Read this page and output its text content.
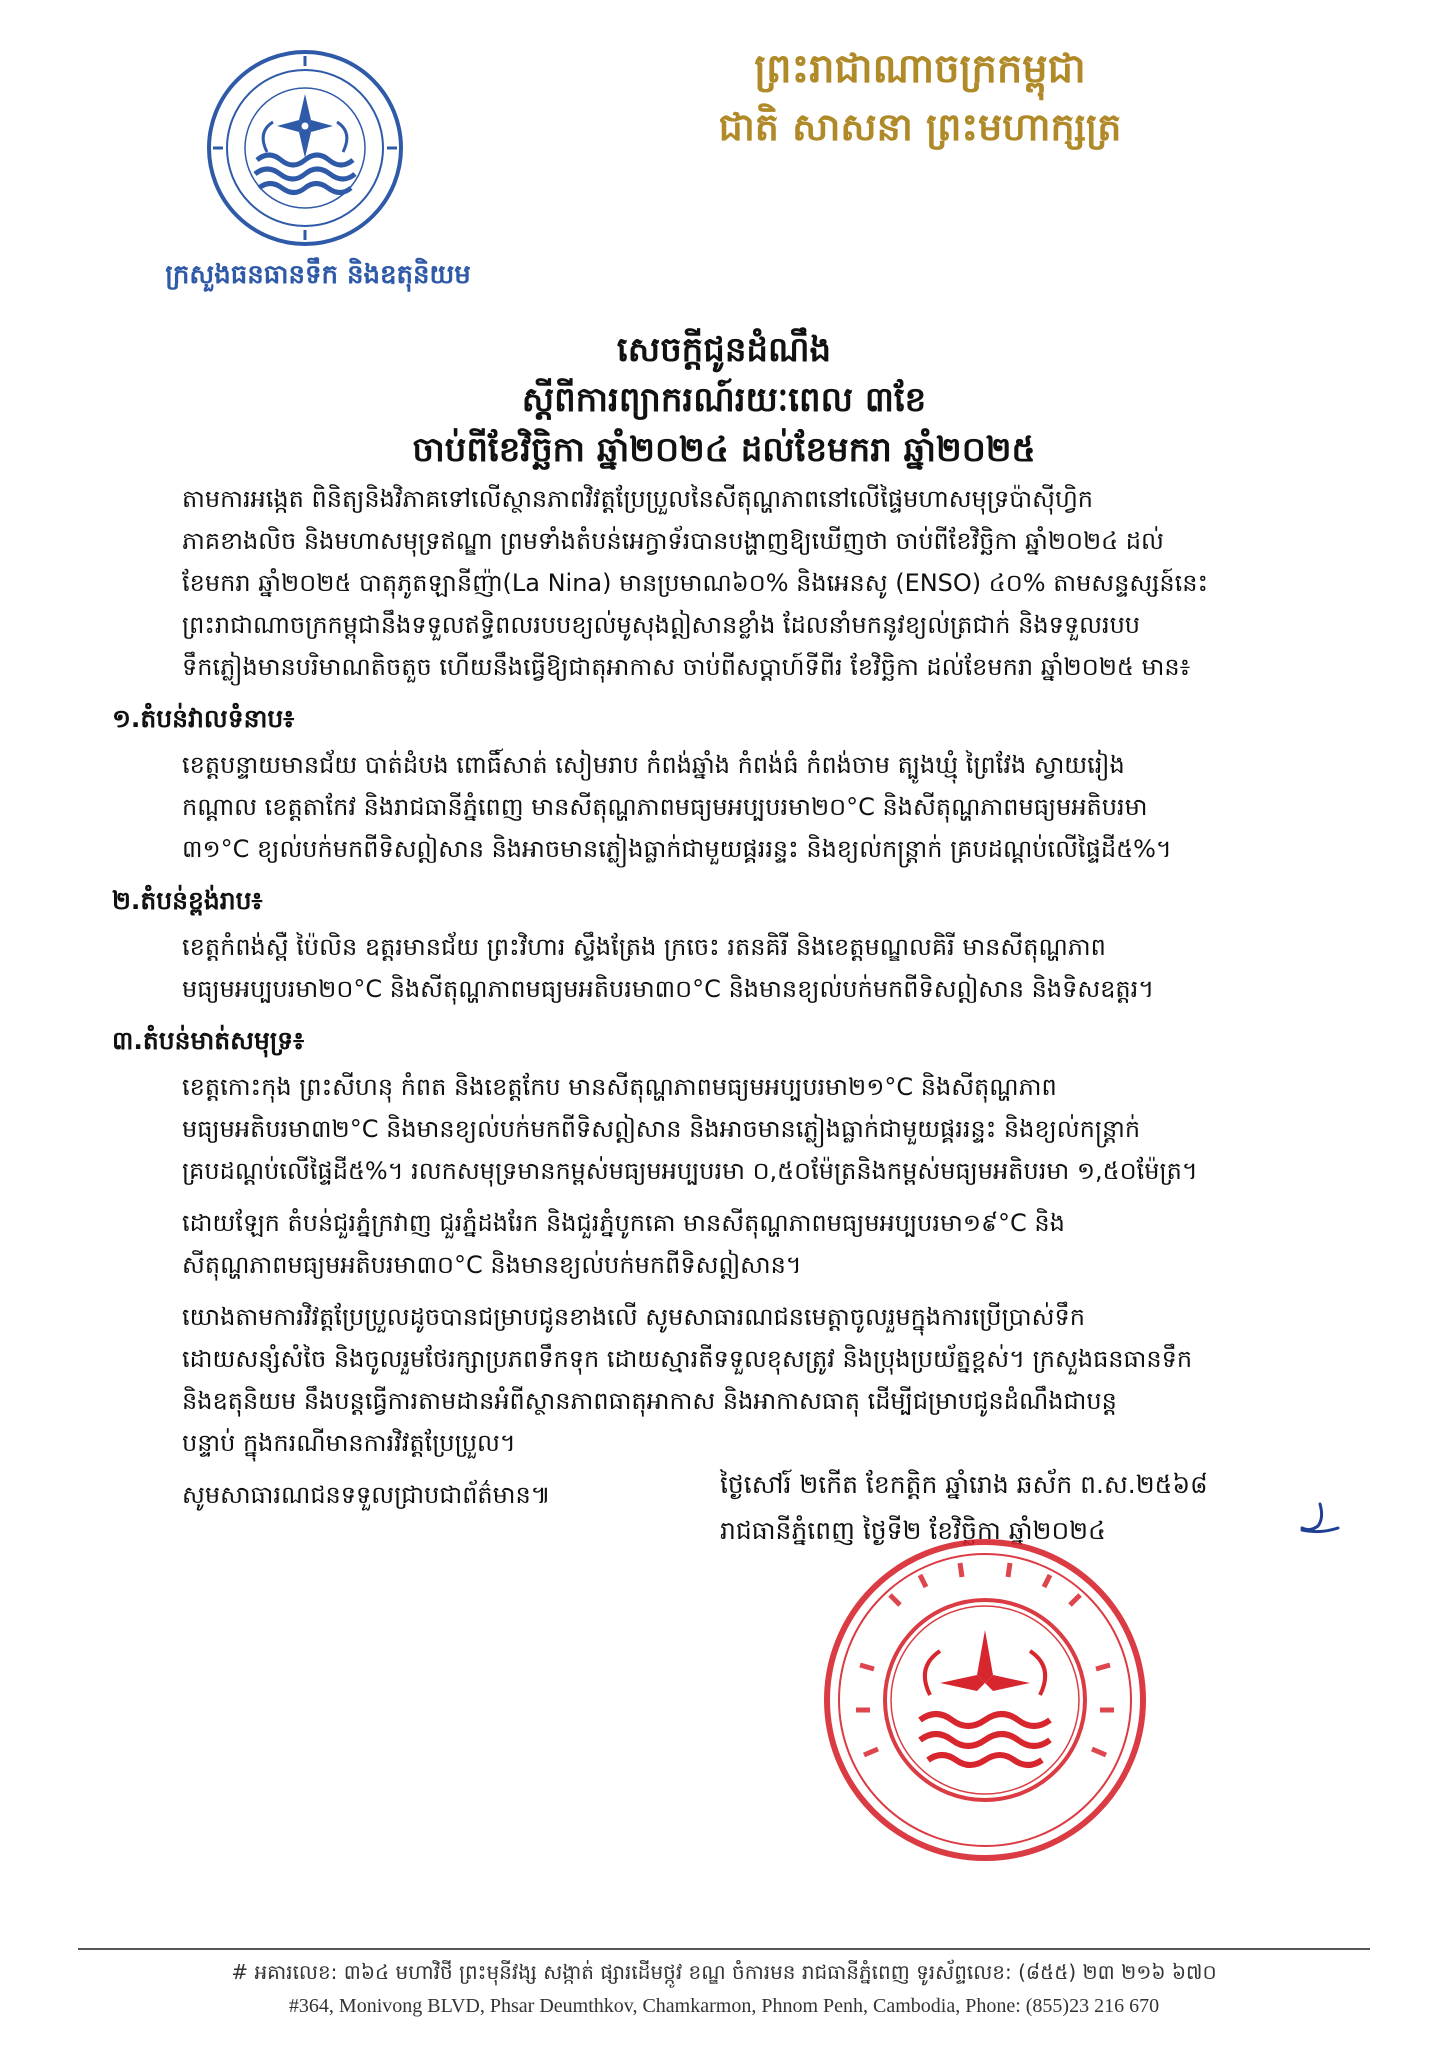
ក្រសួងធនធានទឹក និងឧតុនិយម
ព្រះរាជាណាចក្រកម្ពុជា
ជាតិ សាសនា ព្រះមហាក្សត្រ
សេចក្តីជូនដំណឹង
ស្តីពីការព្យាករណ៍រយៈពេល ៣ខែ
ចាប់ពីខែវិច្ឆិកា ឆ្នាំ២០២៤ ដល់ខែមករា ឆ្នាំ២០២៥
តាមការអង្កេត ពិនិត្យនិងវិភាគទៅលើស្ថានភាពវិវត្តប្រែប្រួលនៃសីតុណ្ហភាពនៅលើផ្ទៃមហាសមុទ្រប៉ាស៊ីហ្វិក
ភាគខាងលិច និងមហាសមុទ្រឥណ្ឌា ព្រមទាំងតំបន់អេក្វាទ័របានបង្ហាញឱ្យឃើញថា ចាប់ពីខែវិច្ឆិកា ឆ្នាំ២០២៤ ដល់
ខែមករា ឆ្នាំ២០២៥ បាតុភូតឡានីញ៉ា(La Nina) មានប្រមាណ៦០% និងអេនសូ (ENSO) ៤០% តាមសន្ទស្សន៍នេះ
ព្រះរាជាណាចក្រកម្ពុជានឹងទទួលឥទ្ធិពលរបបខ្យល់មូសុងឦសានខ្លាំង ដែលនាំមកនូវខ្យល់ត្រជាក់ និងទទួលរបប
ទឹកភ្លៀងមានបរិមាណតិចតួច ហើយនឹងធ្វើឱ្យជាតុអាកាស ចាប់ពីសប្តាហ៍ទីពីរ ខែវិច្ឆិកា ដល់ខែមករា ឆ្នាំ២០២៥ មាន៖
១.តំបន់វាលទំនាប៖
ខេត្តបន្ទាយមានជ័យ បាត់ដំបង ពោធិ៍សាត់ សៀមរាប កំពង់ឆ្នាំង កំពង់ធំ កំពង់ចាម ត្បូងឃ្មុំ ព្រៃវែង ស្វាយរៀង
កណ្តាល ខេត្តតាកែវ និងរាជធានីភ្នំពេញ មានសីតុណ្ហភាពមធ្យមអប្បបរមា២០°C និងសីតុណ្ហភាពមធ្យមអតិបរមា
៣១°C ខ្យល់បក់មកពីទិសឦសាន និងអាចមានភ្លៀងធ្លាក់ជាមួយផ្គររន្ទះ និងខ្យល់កន្ត្រាក់ គ្របដណ្តប់លើផ្ទៃដី៥%។
២.តំបន់ខ្ពង់រាប៖
ខេត្តកំពង់ស្ពឺ ប៉ៃលិន ឧត្តរមានជ័យ ព្រះវិហារ ស្ទឹងត្រែង ក្រចេះ រតនគិរី និងខេត្តមណ្ឌលគិរី មានសីតុណ្ហភាព
មធ្យមអប្បបរមា២០°C និងសីតុណ្ហភាពមធ្យមអតិបរមា៣០°C និងមានខ្យល់បក់មកពីទិសឦសាន និងទិសឧត្តរ។
៣.តំបន់មាត់សមុទ្រ៖
ខេត្តកោះកុង ព្រះសីហនុ កំពត និងខេត្តកែប មានសីតុណ្ហភាពមធ្យមអប្បបរមា២១°C និងសីតុណ្ហភាព
មធ្យមអតិបរមា៣២°C និងមានខ្យល់បក់មកពីទិសឦសាន និងអាចមានភ្លៀងធ្លាក់ជាមួយផ្គររន្ទះ និងខ្យល់កន្ត្រាក់
គ្របដណ្តប់លើផ្ទៃដី៥%។ រលកសមុទ្រមានកម្ពស់មធ្យមអប្បបរមា ០,៥០ម៉ែត្រនិងកម្ពស់មធ្យមអតិបរមា ១,៥០ម៉ែត្រ។
ដោយឡែក តំបន់ជួរភ្នំក្រវាញ ជួរភ្នំដងរែក និងជួរភ្នំបូកគោ មានសីតុណ្ហភាពមធ្យមអប្បបរមា១៩°C និង
សីតុណ្ហភាពមធ្យមអតិបរមា៣០°C និងមានខ្យល់បក់មកពីទិសឦសាន។
យោងតាមការវិវត្តប្រែប្រួលដូចបានជម្រាបជូនខាងលើ សូមសាធារណជនមេត្តាចូលរួមក្នុងការប្រើប្រាស់ទឹក
ដោយសន្សំសំចៃ និងចូលរួមថែរក្សាប្រភពទឹកទុក ដោយស្មារតីទទួលខុសត្រូវ និងប្រុងប្រយ័ត្នខ្ពស់។ ក្រសួងធនធានទឹក
និងឧតុនិយម នឹងបន្តធ្វើការតាមដានអំពីស្ថានភាពធាតុអាកាស និងអាកាសធាតុ ដើម្បីជម្រាបជូនដំណឹងជាបន្ត
បន្ទាប់ ក្នុងករណីមានការវិវត្តប្រែប្រួល។
សូមសាធារណជនទទួលជ្រាបជាព័ត៌មាន៕	ថ្ងៃសៅរ៍ ២កើត ខែកត្តិក ឆ្នាំរោង ឆស័ក ព.ស.២៥៦៨
រាជធានីភ្នំពេញ ថ្ងៃទី២ ខែវិច្ឆិកា ឆ្នាំ២០២៤
# អគារលេខ: ៣៦៤ មហាវិថី ព្រះមុនីវង្ស សង្កាត់ ផ្សារដើមថ្កូវ ខណ្ឌ ចំការមន រាជធានីភ្នំពេញ ទូរស័ព្ទលេខ: (៨៥៥) ២៣ ២១៦ ៦៧០
#364, Monivong BLVD, Phsar Deumthkov, Chamkarmon, Phnom Penh, Cambodia, Phone: (855)23 216 670
